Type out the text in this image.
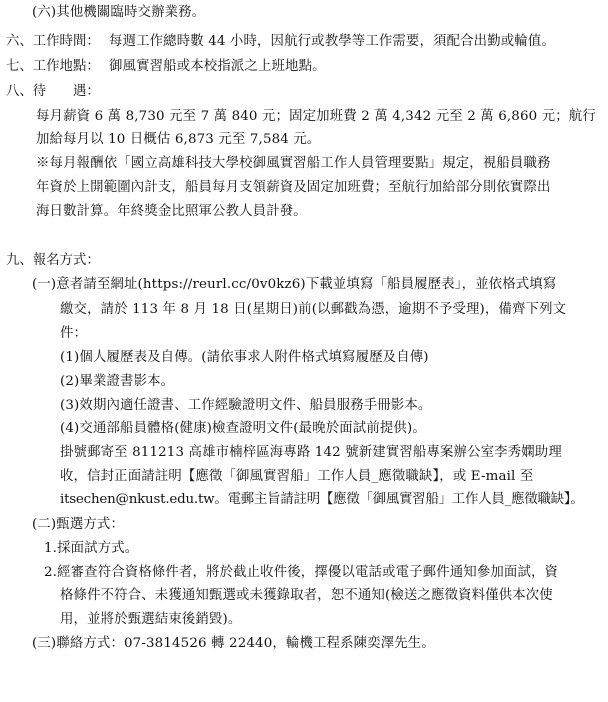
(六)其他機關臨時交辦業務。
六、工作時間： 每週工作總時數 44 小時，因航行或教學等工作需要，須配合出勤或輪值。
七、工作地點： 御風實習船或本校指派之上班地點。
八、待　　遇：
每月薪資 6 萬 8,730 元至 7 萬 840 元；固定加班費 2 萬 4,342 元至 2 萬 6,860 元；航行
加給每月以 10 日概估 6,873 元至 7,584 元。
※每月報酬依「國立高雄科技大學校御風實習船工作人員管理要點」規定，視船員職務
年資於上開範圍內計支，船員每月支領薪資及固定加班費；至航行加給部分則依實際出
海日數計算。年終獎金比照軍公教人員計發。
九、報名方式：
(一)意者請至網址(https://reurl.cc/0v0kz6)下載並填寫「船員履歷表」，並依格式填寫
繳交，請於 113 年 8 月 18 日(星期日)前(以郵戳為憑，逾期不予受理)，備齊下列文
件：
(1)個人履歷表及自傳。(請依事求人附件格式填寫履歷及自傳)
(2)畢業證書影本。
(3)效期內適任證書、工作經驗證明文件、船員服務手冊影本。
(4)交通部船員體格(健康)檢查證明文件(最晚於面試前提供)。
掛號郵寄至 811213 高雄市楠梓區海專路 142 號新建實習船專案辦公室李秀嫻助理
收，信封正面請註明【應徵「御風實習船」工作人員_應徵職缺】，或 E-mail 至
itsechen@nkust.edu.tw。電郵主旨請註明【應徵「御風實習船」工作人員_應徵職缺】。
(二)甄選方式：
1.採面試方式。
2.經審查符合資格條件者，將於截止收件後，擇優以電話或電子郵件通知參加面試，資
格條件不符合、未獲通知甄選或未獲錄取者，恕不通知(檢送之應徵資料僅供本次使
用，並將於甄選結束後銷毀)。
(三)聯絡方式：07-3814526 轉 22440，輪機工程系陳奕澤先生。
